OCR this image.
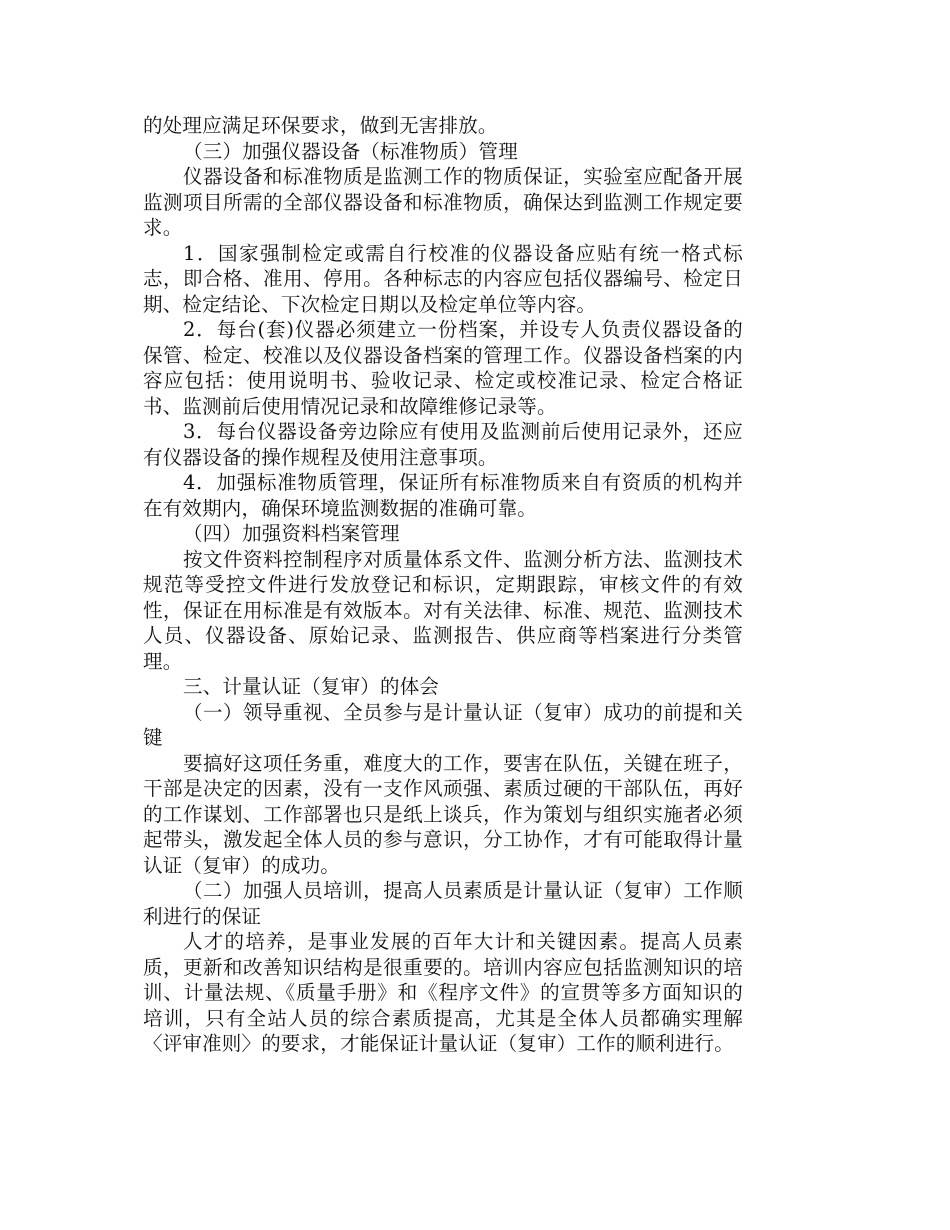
的处理应满足环保要求，做到无害排放。

（三）加强仪器设备（标准物质）管理

仪器设备和标准物质是监测工作的物质保证，实验室应配备开展监测项目所需的全部仪器设备和标准物质，确保达到监测工作规定要求。

1．国家强制检定或需自行校准的仪器设备应贴有统一格式标志，即合格、准用、停用。各种标志的内容应包括仪器编号、检定日期、检定结论、下次检定日期以及检定单位等内容。

2．每台(套)仪器必须建立一份档案，并设专人负责仪器设备的保管、检定、校准以及仪器设备档案的管理工作。仪器设备档案的内容应包括：使用说明书、验收记录、检定或校准记录、检定合格证书、监测前后使用情况记录和故障维修记录等。

3．每台仪器设备旁边除应有使用及监测前后使用记录外，还应有仪器设备的操作规程及使用注意事项。

4．加强标准物质管理，保证所有标准物质来自有资质的机构并在有效期内，确保环境监测数据的准确可靠。

（四）加强资料档案管理

按文件资料控制程序对质量体系文件、监测分析方法、监测技术规范等受控文件进行发放登记和标识，定期跟踪，审核文件的有效性，保证在用标准是有效版本。对有关法律、标准、规范、监测技术人员、仪器设备、原始记录、监测报告、供应商等档案进行分类管理。

三、计量认证（复审）的体会

（一）领导重视、全员参与是计量认证（复审）成功的前提和关键

要搞好这项任务重，难度大的工作，要害在队伍，关键在班子，干部是决定的因素，没有一支作风顽强、素质过硬的干部队伍，再好的工作谋划、工作部署也只是纸上谈兵，作为策划与组织实施者必须起带头，激发起全体人员的参与意识，分工协作，才有可能取得计量认证（复审）的成功。

（二）加强人员培训，提高人员素质是计量认证（复审）工作顺利进行的保证

人才的培养，是事业发展的百年大计和关键因素。提高人员素质，更新和改善知识结构是很重要的。培训内容应包括监测知识的培训、计量法规、《质量手册》和《程序文件》的宣贯等多方面知识的培训，只有全站人员的综合素质提高，尤其是全体人员都确实理解〈评审准则〉的要求，才能保证计量认证（复审）工作的顺利进行。
